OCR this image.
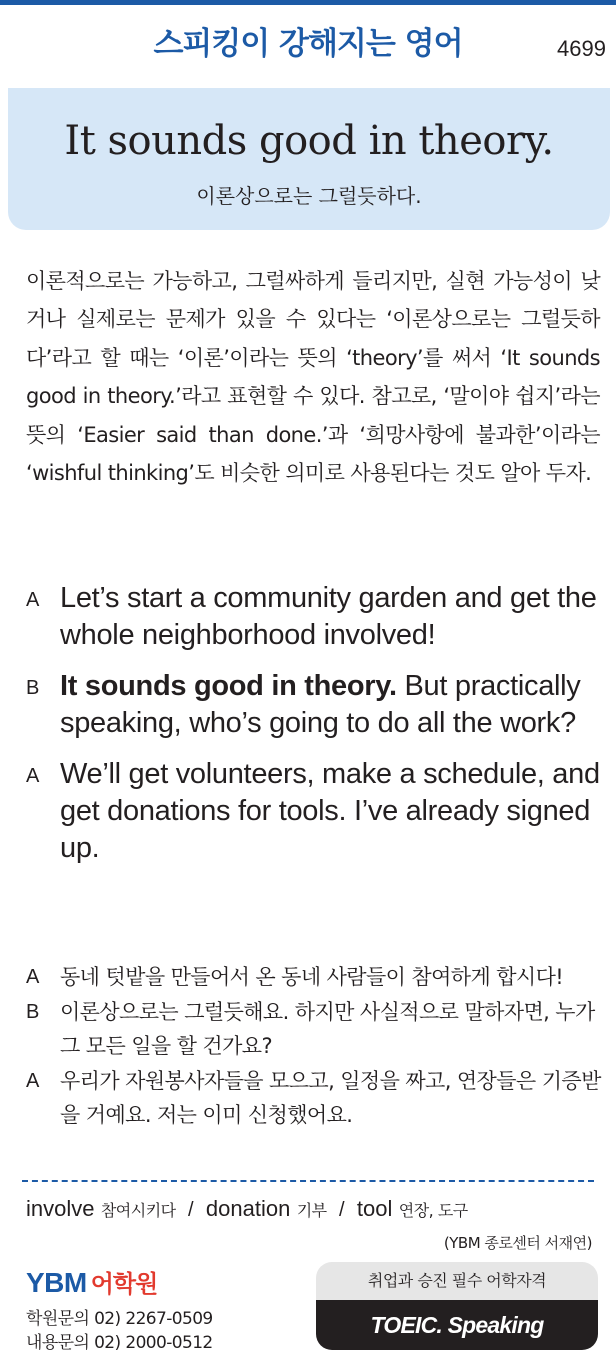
스피킹이 강해지는 영어	4699
It sounds good in theory.
이론상으로는 그럴듯하다.

이론적으로는 가능하고, 그럴싸하게 들리지만, 실현 가능성이 낮거나 실제로는 문제가 있을 수 있다는 ‘이론상으로는 그럴듯하다’라고 할 때는 ‘이론’이라는 뜻의 ‘theory’를 써서 ‘It sounds good in theory.’라고 표현할 수 있다. 참고로, ‘말이야 쉽지’라는 뜻의 ‘Easier said than done.’과 ‘희망사항에 불과한’이라는 ‘wishful thinking’도 비슷한 의미로 사용된다는 것도 알아 두자.

A Let’s start a community garden and get the whole neighborhood involved!
B It sounds good in theory. But practically speaking, who’s going to do all the work?
A We’ll get volunteers, make a schedule, and get donations for tools. I’ve already signed up.
A 동네 텃밭을 만들어서 온 동네 사람들이 참여하게 합시다!
B 이론상으로는 그럴듯해요. 하지만 사실적으로 말하자면, 누가 그 모든 일을 할 건가요?
A 우리가 자원봉사자들을 모으고, 일정을 짜고, 연장들은 기증받을 거예요. 저는 이미 신청했어요.
involve 참여시키다 / donation 기부 / tool 연장, 도구
(YBM 종로센터 서재연)
YBM 어학원
학원문의 02) 2267-0509
내용문의 02) 2000-0512
취업과 승진 필수 어학자격
TOEIC. Speaking
